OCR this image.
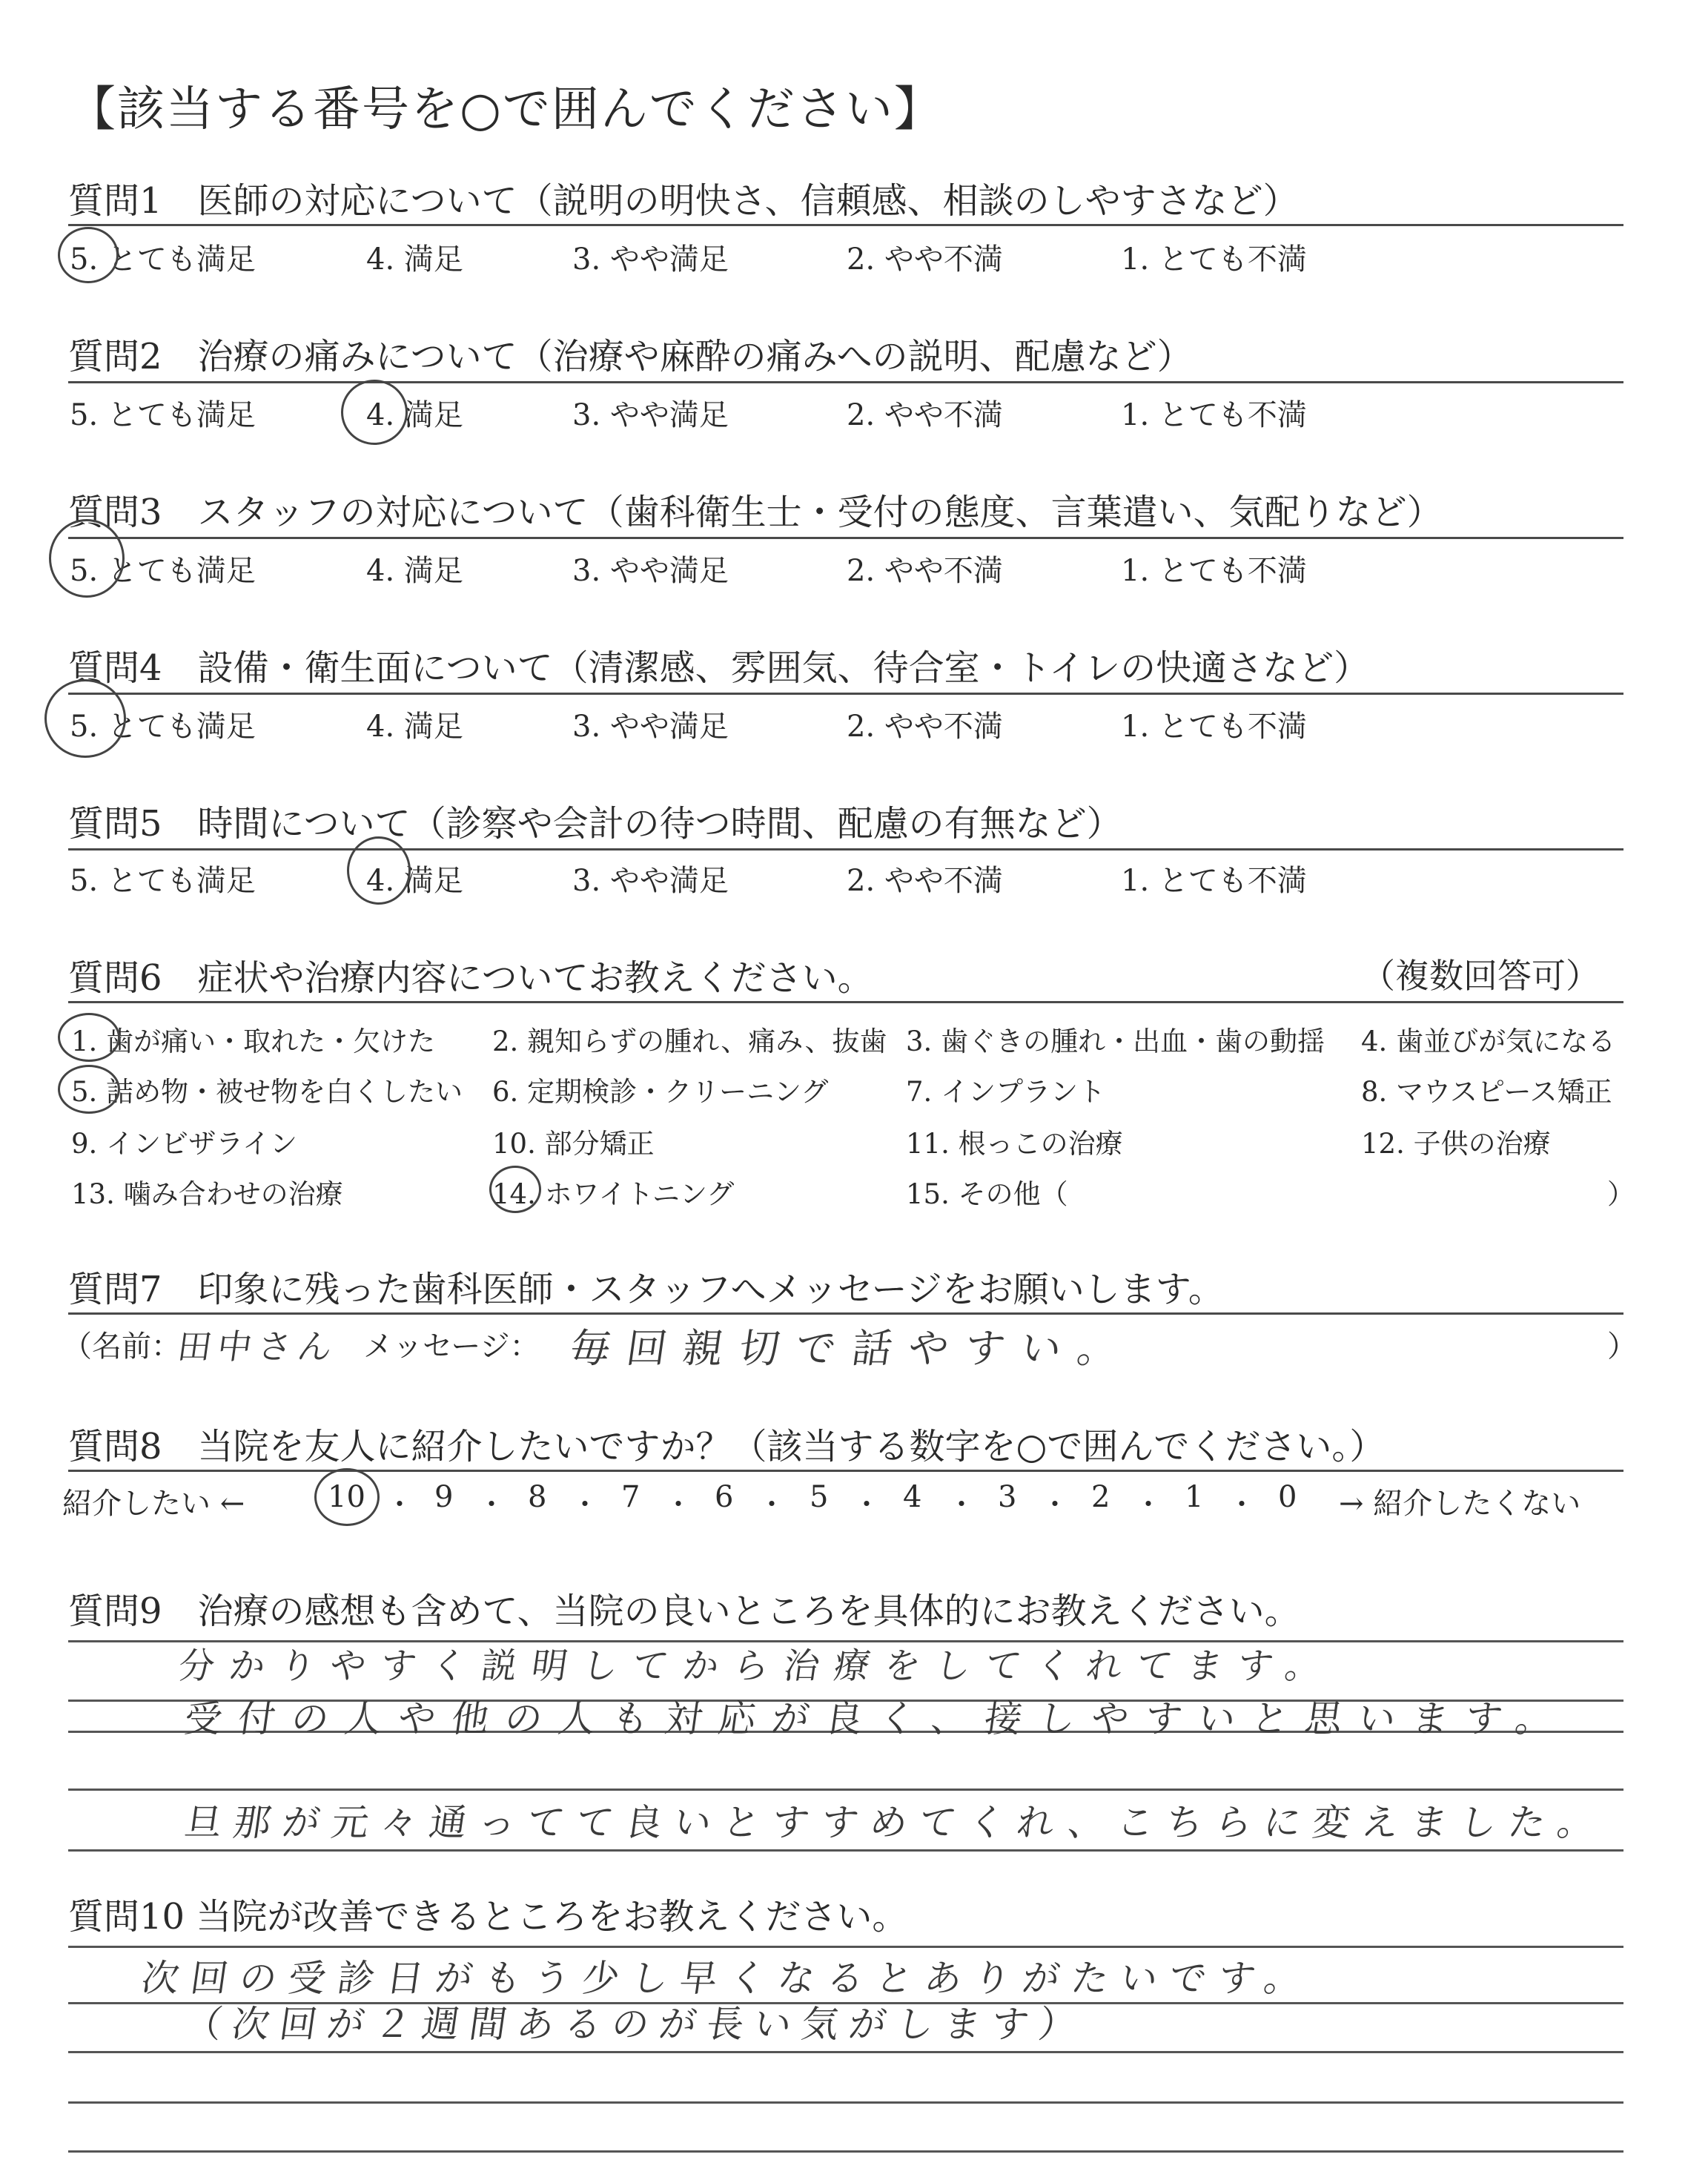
【該当する番号を○で囲んでください】
質問1　医師の対応について（説明の明快さ、信頼感、相談のしやすさなど）
5. とても満足	4. 満足	3. やや満足	2. やや不満	1. とても不満
質問2　治療の痛みについて（治療や麻酔の痛みへの説明、配慮など）
5. とても満足	4. 満足	3. やや満足	2. やや不満	1. とても不満
質問3　スタッフの対応について（歯科衛生士・受付の態度、言葉遣い、気配りなど）
5. とても満足	4. 満足	3. やや満足	2. やや不満	1. とても不満
質問4　設備・衛生面について（清潔感、雰囲気、待合室・トイレの快適さなど）
5. とても満足	4. 満足	3. やや満足	2. やや不満	1. とても不満
質問5　時間について（診察や会計の待つ時間、配慮の有無など）
5. とても満足	4. 満足	3. やや満足	2. やや不満	1. とても不満
質問6　症状や治療内容についてお教えください。	（複数回答可）
1. 歯が痛い・取れた・欠けた 2. 親知らずの腫れ、痛み、抜歯 3. 歯ぐきの腫れ・出血・歯の動揺 4. 歯並びが気になる
5. 詰め物・被せ物を白くしたい 6. 定期検診・クリーニング	7. インプラント	8. マウスピース矯正
9. インビザライン	10. 部分矯正	11. 根っこの治療	12. 子供の治療
13. 噛み合わせの治療	14. ホワイトニング	15. その他（	）
質問7　印象に残った歯科医師・スタッフへメッセージをお願いします。
（名前：
田中さん メッセージ： 毎回親切で話やすい。	）
質問8　当院を友人に紹介したいですか？（該当する数字を○で囲んでください。）
紹介したい ←	10 ・ 9 ・ 8 ・ 7 ・ 6 ・ 5 ・ 4 ・ 3 ・ 2 ・ 1 ・ 0 → 紹介したくない
質問9　治療の感想も含めて、当院の良いところを具体的にお教えください。
分かりやすく説明してから治療をしてくれてます。
受付の人や他の人も対応が良く、接しやすいと思います。
旦那が元々通ってて良いとすすめてくれ、こちらに変えました。
質問10 当院が改善できるところをお教えください。
次回の受診日がもう少し早くなるとありがたいです。
（次回が２週間あるのが長い気がします）
